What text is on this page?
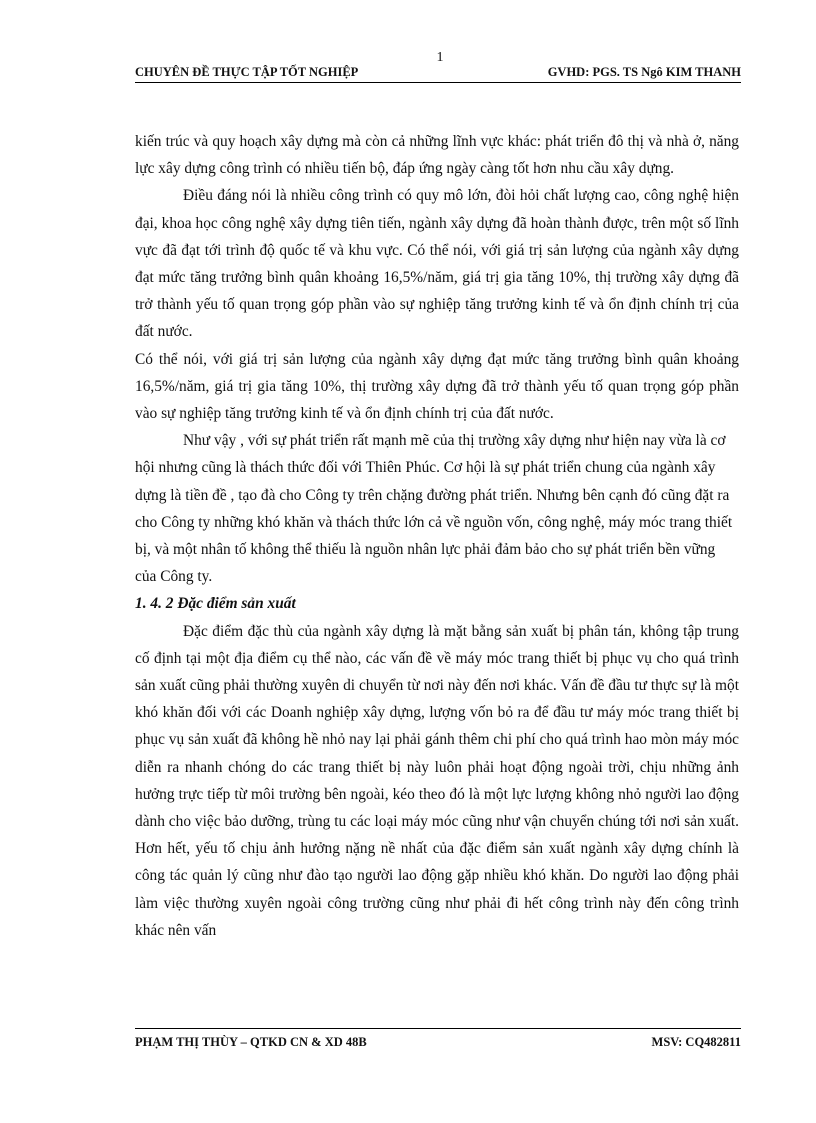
1
CHUYÊN ĐỀ THỰC TẬP TỐT NGHIỆP	GVHD: PGS. TS Ngô KIM THANH

kiến trúc và quy hoạch xây dựng mà còn cả những lĩnh vực khác: phát triển đô thị và nhà ở, năng lực xây dựng công trình có nhiều tiến bộ, đáp ứng ngày càng tốt hơn nhu cầu xây dựng.

Điều đáng nói là nhiều công trình có quy mô lớn, đòi hỏi chất lượng cao, công nghệ hiện đại, khoa học công nghệ xây dựng tiên tiến, ngành xây dựng đã hoàn thành được, trên một số lĩnh vực đã đạt tới trình độ quốc tế và khu vực. Có thể nói, với giá trị sản lượng của ngành xây dựng đạt mức tăng trưởng bình quân khoảng 16,5%/năm, giá trị gia tăng 10%, thị trường xây dựng đã trở thành yếu tố quan trọng góp phần vào sự nghiệp tăng trưởng kinh tế và ổn định chính trị của đất nước.

Có thể nói, với giá trị sản lượng của ngành xây dựng đạt mức tăng trưởng bình quân khoảng 16,5%/năm, giá trị gia tăng 10%, thị trường xây dựng đã trở thành yếu tố quan trọng góp phần vào sự nghiệp tăng trưởng kinh tế và ổn định chính trị của đất nước.

Như vậy , với sự phát triển rất mạnh mẽ của thị trường xây dựng như hiện nay vừa là cơ hội nhưng cũng là thách thức đối với Thiên Phúc. Cơ hội là sự phát triển chung của ngành xây dựng là tiền đề , tạo đà cho Công ty trên chặng đường phát triển. Nhưng bên cạnh đó cũng đặt ra cho Công ty những khó khăn và thách thức lớn cả về nguồn vốn, công nghệ, máy móc trang thiết bị, và một nhân tố không thể thiếu là nguồn nhân lực phải đảm bảo cho sự phát triển bền vững của Công ty.

1. 4. 2 Đặc điểm sản xuất

Đặc điểm đặc thù của ngành xây dựng là mặt bằng sản xuất bị phân tán, không tập trung cố định tại một địa điểm cụ thể nào, các vấn đề về máy móc trang thiết bị phục vụ cho quá trình sản xuất cũng phải thường xuyên di chuyển từ nơi này đến nơi khác. Vấn đề đầu tư thực sự là một khó khăn đối với các Doanh nghiệp xây dựng, lượng vốn bỏ ra để đầu tư máy móc trang thiết bị phục vụ sản xuất đã không hề nhỏ nay lại phải gánh thêm chi phí cho quá trình hao mòn máy móc diễn ra nhanh chóng do các trang thiết bị này luôn phải hoạt động ngoài trời, chịu những ảnh hưởng trực tiếp từ môi trường bên ngoài, kéo theo đó là một lực lượng không nhỏ người lao động dành cho việc bảo dưỡng, trùng tu các loại máy móc cũng như vận chuyển chúng tới nơi sản xuất. Hơn hết, yếu tố chịu ảnh hưởng nặng nề nhất của đặc điểm sản xuất ngành xây dựng chính là công tác quản lý cũng như đào tạo người lao động gặp nhiều khó khăn. Do người lao động phải làm việc thường xuyên ngoài công trường cũng như phải đi hết công trình này đến công trình khác nên vấn

PHẠM THỊ THÙY – QTKD CN & XD 48B	MSV: CQ482811
